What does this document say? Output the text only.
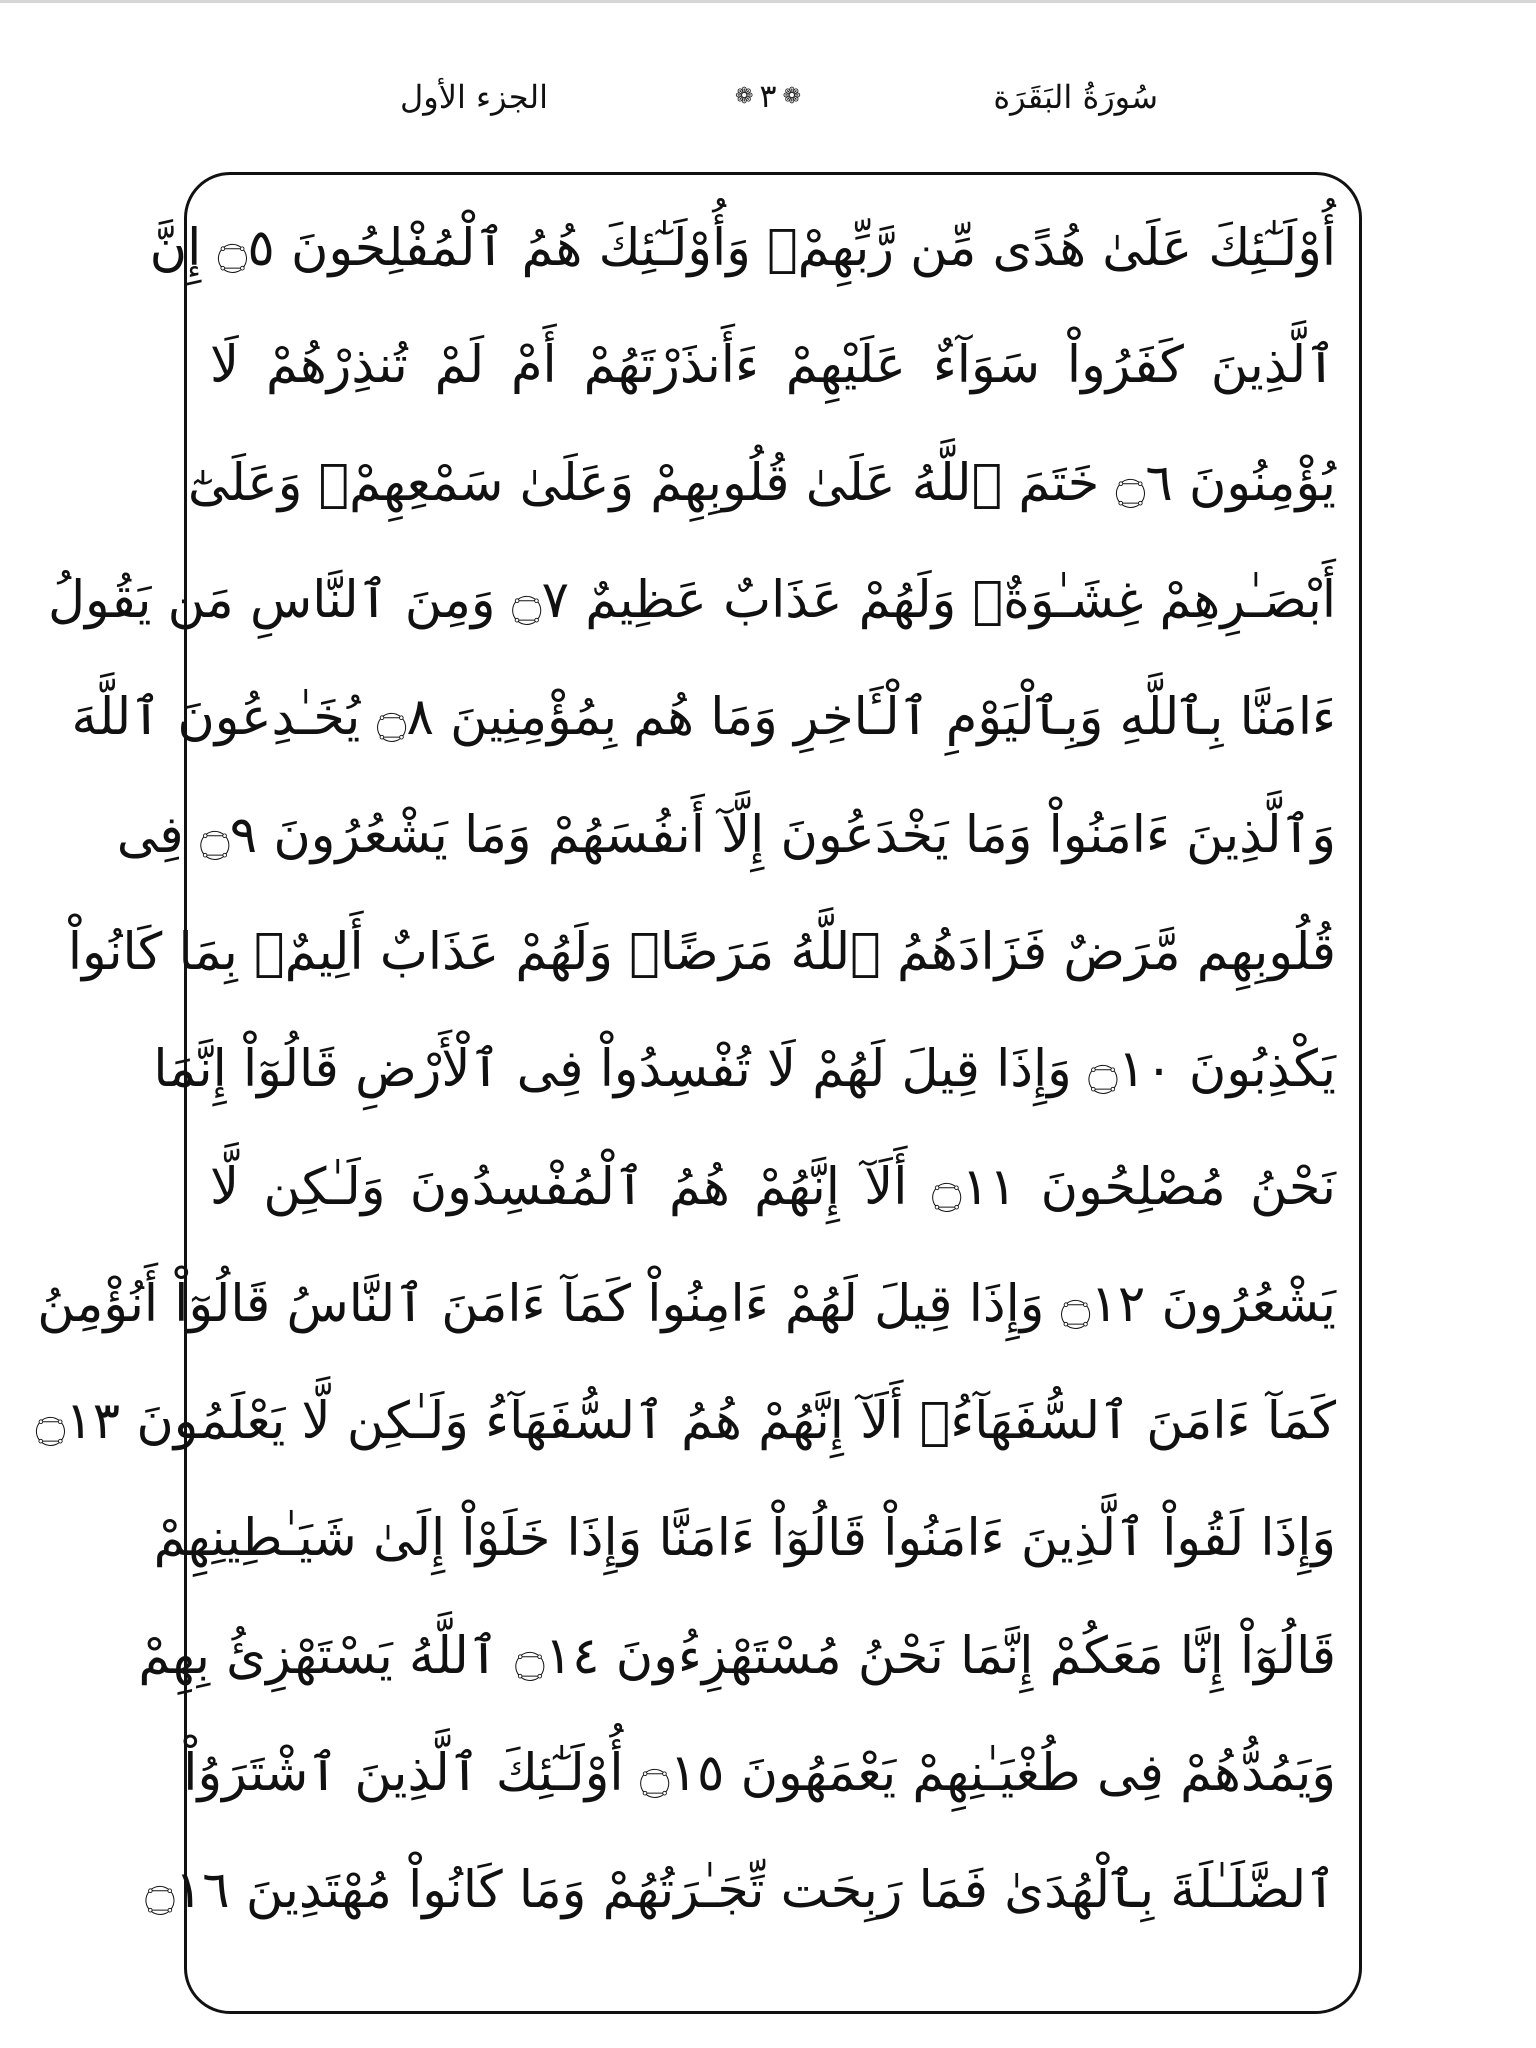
سُورَةُ البَقَرَة
❁ ٣ ❁
الجزء الأول
أُوْلَـٰٓئِكَ عَلَىٰ هُدًى مِّن رَّبِّهِمْۖ وَأُوْلَـٰٓئِكَ هُمُ ٱلْمُفْلِحُونَ ۝٥ إِنَّ
ٱلَّذِينَ كَفَرُواْ سَوَآءٌ عَلَيْهِمْ ءَأَنذَرْتَهُمْ أَمْ لَمْ تُنذِرْهُمْ لَا
يُؤْمِنُونَ ۝٦ خَتَمَ ٱللَّهُ عَلَىٰ قُلُوبِهِمْ وَعَلَىٰ سَمْعِهِمْۖ وَعَلَىٰٓ
أَبْصَـٰرِهِمْ غِشَـٰوَةٌۖ وَلَهُمْ عَذَابٌ عَظِيمٌ ۝٧ وَمِنَ ٱلنَّاسِ مَن يَقُولُ
ءَامَنَّا بِٱللَّهِ وَبِٱلْيَوْمِ ٱلْـَٔاخِرِ وَمَا هُم بِمُؤْمِنِينَ ۝٨ يُخَـٰدِعُونَ ٱللَّهَ
وَٱلَّذِينَ ءَامَنُواْ وَمَا يَخْدَعُونَ إِلَّآ أَنفُسَهُمْ وَمَا يَشْعُرُونَ ۝٩ فِى
قُلُوبِهِم مَّرَضٌ فَزَادَهُمُ ٱللَّهُ مَرَضًاۖ وَلَهُمْ عَذَابٌ أَلِيمٌۢ بِمَا كَانُواْ
يَكْذِبُونَ ۝١٠ وَإِذَا قِيلَ لَهُمْ لَا تُفْسِدُواْ فِى ٱلْأَرْضِ قَالُوٓاْ إِنَّمَا
نَحْنُ مُصْلِحُونَ ۝١١ أَلَآ إِنَّهُمْ هُمُ ٱلْمُفْسِدُونَ وَلَـٰكِن لَّا
يَشْعُرُونَ ۝١٢ وَإِذَا قِيلَ لَهُمْ ءَامِنُواْ كَمَآ ءَامَنَ ٱلنَّاسُ قَالُوٓاْ أَنُؤْمِنُ
كَمَآ ءَامَنَ ٱلسُّفَهَآءُۗ أَلَآ إِنَّهُمْ هُمُ ٱلسُّفَهَآءُ وَلَـٰكِن لَّا يَعْلَمُونَ ۝١٣
وَإِذَا لَقُواْ ٱلَّذِينَ ءَامَنُواْ قَالُوٓاْ ءَامَنَّا وَإِذَا خَلَوْاْ إِلَىٰ شَيَـٰطِينِهِمْ
قَالُوٓاْ إِنَّا مَعَكُمْ إِنَّمَا نَحْنُ مُسْتَهْزِءُونَ ۝١٤ ٱللَّهُ يَسْتَهْزِئُ بِهِمْ
وَيَمُدُّهُمْ فِى طُغْيَـٰنِهِمْ يَعْمَهُونَ ۝١٥ أُوْلَـٰٓئِكَ ٱلَّذِينَ ٱشْتَرَوُاْ
ٱلضَّلَـٰلَةَ بِٱلْهُدَىٰ فَمَا رَبِحَت تِّجَـٰرَتُهُمْ وَمَا كَانُواْ مُهْتَدِينَ ۝١٦
